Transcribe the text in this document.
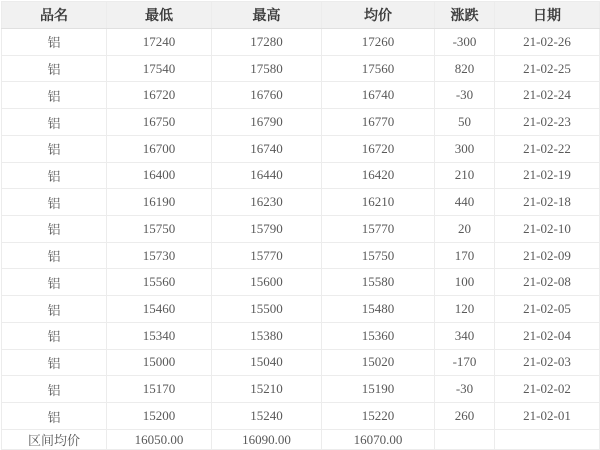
品名	最低	最高	均价	涨跌	日期
铝	17240	17280	17260	-300	21-02-26
铝	17540	17580	17560	820	21-02-25
铝	16720	16760	16740	-30	21-02-24
铝	16750	16790	16770	50	21-02-23
铝	16700	16740	16720	300	21-02-22
铝	16400	16440	16420	210	21-02-19
铝	16190	16230	16210	440	21-02-18
铝	15750	15790	15770	20	21-02-10
铝	15730	15770	15750	170	21-02-09
铝	15560	15600	15580	100	21-02-08
铝	15460	15500	15480	120	21-02-05
铝	15340	15380	15360	340	21-02-04
铝	15000	15040	15020	-170	21-02-03
铝	15170	15210	15190	-30	21-02-02
铝	15200	15240	15220	260	21-02-01
区间均价	16050.00	16090.00	16070.00		
